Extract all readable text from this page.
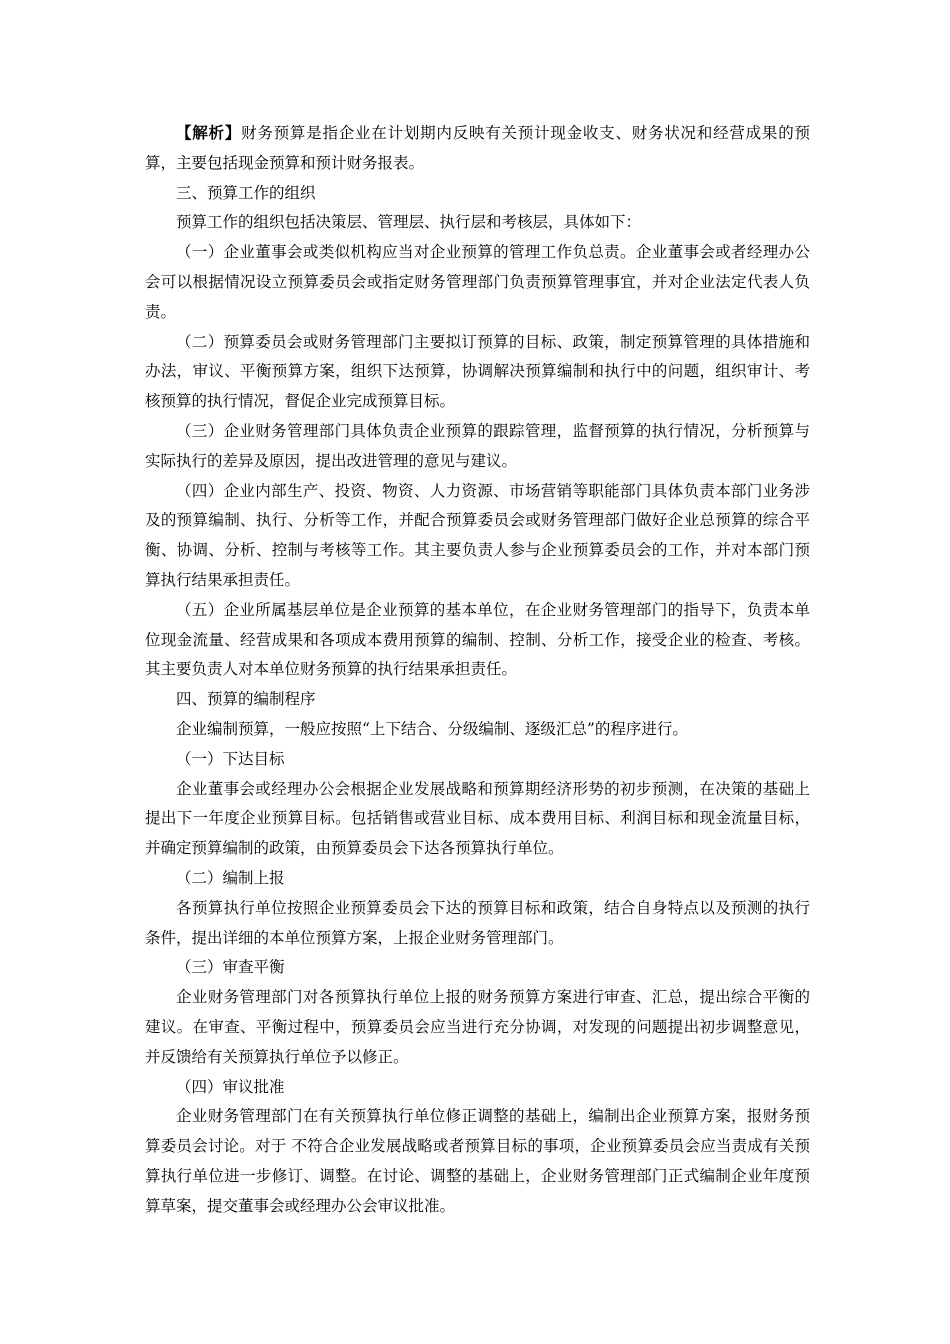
【解析】财务预算是指企业在计划期内反映有关预计现金收支、财务状况和经营成果的预算，主要包括现金预算和预计财务报表。

三、预算工作的组织

预算工作的组织包括决策层、管理层、执行层和考核层，具体如下：

（一）企业董事会或类似机构应当对企业预算的管理工作负总责。企业董事会或者经理办公会可以根据情况设立预算委员会或指定财务管理部门负责预算管理事宜，并对企业法定代表人负责。

（二）预算委员会或财务管理部门主要拟订预算的目标、政策，制定预算管理的具体措施和办法，审议、平衡预算方案，组织下达预算，协调解决预算编制和执行中的问题，组织审计、考核预算的执行情况，督促企业完成预算目标。

（三）企业财务管理部门具体负责企业预算的跟踪管理，监督预算的执行情况，分析预算与实际执行的差异及原因，提出改进管理的意见与建议。

（四）企业内部生产、投资、物资、人力资源、市场营销等职能部门具体负责本部门业务涉及的预算编制、执行、分析等工作，并配合预算委员会或财务管理部门做好企业总预算的综合平衡、协调、分析、控制与考核等工作。其主要负责人参与企业预算委员会的工作，并对本部门预算执行结果承担责任。

（五）企业所属基层单位是企业预算的基本单位，在企业财务管理部门的指导下，负责本单位现金流量、经营成果和各项成本费用预算的编制、控制、分析工作，接受企业的检查、考核。其主要负责人对本单位财务预算的执行结果承担责任。

四、预算的编制程序

企业编制预算，一般应按照“上下结合、分级编制、逐级汇总”的程序进行。

（一）下达目标

企业董事会或经理办公会根据企业发展战略和预算期经济形势的初步预测，在决策的基础上提出下一年度企业预算目标。包括销售或营业目标、成本费用目标、利润目标和现金流量目标，并确定预算编制的政策，由预算委员会下达各预算执行单位。

（二）编制上报

各预算执行单位按照企业预算委员会下达的预算目标和政策，结合自身特点以及预测的执行条件，提出详细的本单位预算方案，上报企业财务管理部门。

（三）审查平衡

企业财务管理部门对各预算执行单位上报的财务预算方案进行审查、汇总，提出综合平衡的建议。在审查、平衡过程中，预算委员会应当进行充分协调，对发现的问题提出初步调整意见，并反馈给有关预算执行单位予以修正。

（四）审议批准

企业财务管理部门在有关预算执行单位修正调整的基础上，编制出企业预算方案，报财务预算委员会讨论。对于 不符合企业发展战略或者预算目标的事项，企业预算委员会应当责成有关预算执行单位进一步修订、调整。在讨论、调整的基础上，企业财务管理部门正式编制企业年度预算草案，提交董事会或经理办公会审议批准。
